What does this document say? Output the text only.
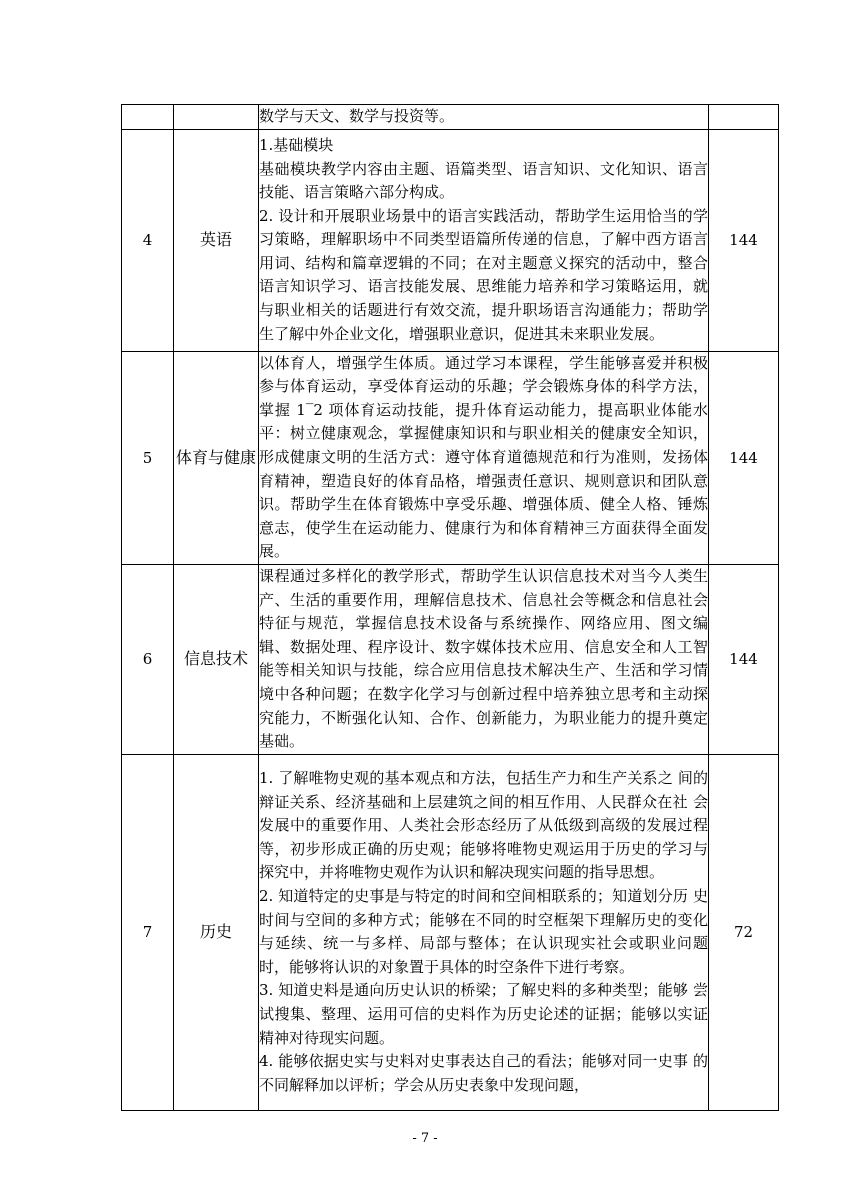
		数学与天文、数学与投资等。	

4	英语	1.基础模块

基础模块教学内容由主题、语篇类型、语言知识、文化知识、语言技能、语言策略六部分构成。

2. 设计和开展职业场景中的语言实践活动，帮助学生运用恰当的学习策略，理解职场中不同类型语篇所传递的信息，了解中西方语言用词、结构和篇章逻辑的不同；在对主题意义探究的活动中，整合语言知识学习、语言技能发展、思维能力培养和学习策略运用，就与职业相关的话题进行有效交流，提升职场语言沟通能力；帮助学生了解中外企业文化，增强职业意识，促进其未来职业发展。	144
5	体育与健康	以体育人，增强学生体质。通过学习本课程，学生能够喜爱并积极参与体育运动，享受体育运动的乐趣；学会锻炼身体的科学方法，掌握 1‾2 项体育运动技能，提升体育运动能力，提高职业体能水平：树立健康观念，掌握健康知识和与职业相关的健康安全知识，形成健康文明的生活方式：遵守体育道德规范和行为准则，发扬体育精神，塑造良好的体育品格，增强责任意识、规则意识和团队意识。帮助学生在体育锻炼中享受乐趣、增强体质、健全人格、锤炼意志，使学生在运动能力、健康行为和体育精神三方面获得全面发展。	144
6	信息技术	课程通过多样化的教学形式，帮助学生认识信息技术对当今人类生产、生活的重要作用，理解信息技术、信息社会等概念和信息社会特征与规范，掌握信息技术设备与系统操作、网络应用、图文编辑、数据处理、程序设计、数字媒体技术应用、信息安全和人工智能等相关知识与技能，综合应用信息技术解决生产、生活和学习情境中各种问题；在数字化学习与创新过程中培养独立思考和主动探究能力，不断强化认知、合作、创新能力，为职业能力的提升奠定基础。	144
7	历史	1. 了解唯物史观的基本观点和方法，包括生产力和生产关系之 间的辩证关系、经济基础和上层建筑之间的相互作用、人民群众在社 会发展中的重要作用、人类社会形态经历了从低级到高级的发展过程等，初步形成正确的历史观；能够将唯物史观运用于历史的学习与探究中，并将唯物史观作为认识和解决现实问题的指导思想。

2. 知道特定的史事是与特定的时间和空间相联系的；知道划分历 史时间与空间的多种方式；能够在不同的时空框架下理解历史的变化与延续、统一与多样、局部与整体；在认识现实社会或职业问题时，能够将认识的对象置于具体的时空条件下进行考察。

3. 知道史料是通向历史认识的桥梁；了解史料的多种类型；能够 尝试搜集、整理、运用可信的史料作为历史论述的证据；能够以实证 精神对待现实问题。

4. 能够依据史实与史料对史事表达自己的看法；能够对同一史事 的不同解释加以评析；学会从历史表象中发现问题，	72
- 7 -
